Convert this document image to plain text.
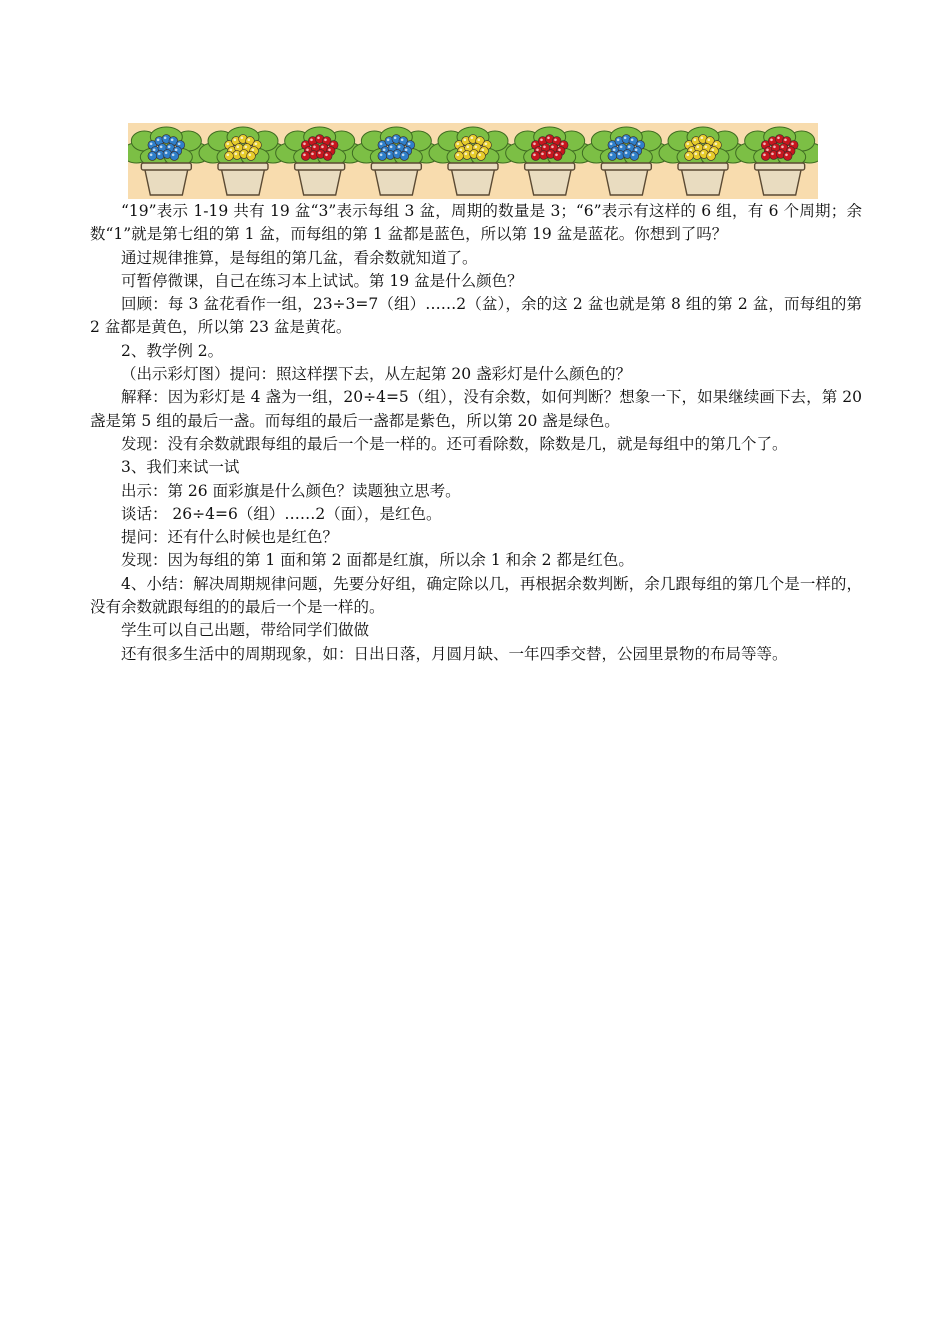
“19”表示 1-19 共有 19 盆“3”表示每组 3 盆，周期的数量是 3；“6”表示有这样的 6 组，有 6 个周期；余数“1”就是第七组的第 1 盆，而每组的第 1 盆都是蓝色，所以第 19 盆是蓝花。你想到了吗？

通过规律推算，是每组的第几盆，看余数就知道了。

可暂停微课，自己在练习本上试试。第 19 盆是什么颜色？

回顾：每 3 盆花看作一组，23÷3=7（组）……2（盆），余的这 2 盆也就是第 8 组的第 2 盆，而每组的第 2 盆都是黄色，所以第 23 盆是黄花。

2、教学例 2。

（出示彩灯图）提问：照这样摆下去，从左起第 20 盏彩灯是什么颜色的？

解释：因为彩灯是 4 盏为一组，20÷4=5（组），没有余数，如何判断？想象一下，如果继续画下去，第 20 盏是第 5 组的最后一盏。而每组的最后一盏都是紫色，所以第 20 盏是绿色。

发现：没有余数就跟每组的最后一个是一样的。还可看除数，除数是几，就是每组中的第几个了。

3、我们来试一试

出示：第 26 面彩旗是什么颜色？读题独立思考。

谈话： 26÷4=6（组）……2（面），是红色。

提问：还有什么时候也是红色？

发现：因为每组的第 1 面和第 2 面都是红旗，所以余 1 和余 2 都是红色。

4、小结：解决周期规律问题，先要分好组，确定除以几，再根据余数判断，余几跟每组的第几个是一样的，没有余数就跟每组的的最后一个是一样的。

学生可以自己出题，带给同学们做做

还有很多生活中的周期现象，如：日出日落，月圆月缺、一年四季交替，公园里景物的布局等等。
